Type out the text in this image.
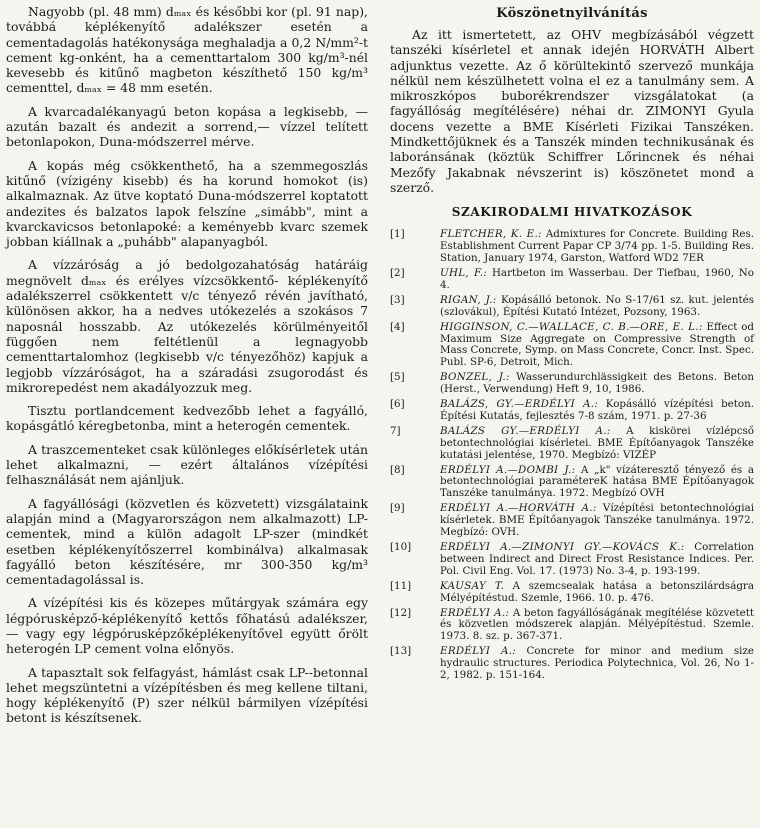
Nagyobb (pl. 48 mm) dₘₐₓ és későbbi kor (pl. 91 nap), továbbá képlékenyítő adalékszer esetén a cementadagolás hatékonysága meghaladja a 0,2 N/mm²-t cement kg-onként, ha a cementtartalom 300 kg/m³-nél kevesebb és kitűnő magbeton készíthető 150 kg/m³ cementtel, dₘₐₓ = 48 mm esetén.

A kvarcadalékanyagú beton kopása a legkisebb, — azután bazalt és andezit a sorrend,— vízzel telített betonlapokon, Duna-módszerrel mérve.

A kopás még csökkenthető, ha a szemmegoszlás kitűnő (vízigény kisebb) és ha korund homokot (is) alkalmaznak. Az ütve koptató Duna-módszerrel koptatott andezites és balzatos lapok felszíne „simább", mint a kvarckavicsos betonlapoké: a keményebb kvarc szemek jobban kiállnak a „puhább" alapanyagból.

A vízzáróság a jó bedolgozahatóság határáig megnövelt dₘₐₓ és erélyes vízcsökkentő- képlékenyítő adalékszerrel csökkentett v/c tényező révén javítható, különösen akkor, ha a nedves utókezelés a szokásos 7 naposnál hosszabb. Az utókezelés körülményeitől függően nem feltétlenül a legnagyobb cementtartalomhoz (legkisebb v/c tényezőhöz) kapjuk a legjobb vízzáróságot, ha a száradási zsugorodást és mikrorepedést nem akadályozzuk meg.

Tisztu portlandcement kedvezőbb lehet a fagyálló, kopásgátló kéregbetonba, mint a heterogén cementek.

A traszcementeket csak különleges előkísérletek után lehet alkalmazni, — ezért általános vízépítési felhasználását nem ajánljuk.

A fagyállósági (közvetlen és közvetett) vizsgálataink alapján mind a (Magyarországon nem alkalmazott) LP-cementek, mind a külön adagolt LP-szer (mindkét esetben képlékenyítőszerrel kombinálva) alkalmasak fagyálló beton készítésére, mr 300-350 kg/m³ cementadagolással is.

A vízépítési kis és közepes műtárgyak számára egy légpórusképző-képlékenyítő kettős főhatású adalékszer, — vagy egy légpórusképzőképlékenyítővel együtt őrölt heterogén LP cement volna előnyös.

A tapasztalt sok felfagyást, hámlást csak LP--betonnal lehet megszüntetni a vízépítésben és meg kellene tiltani, hogy képlékenyítő (P) szer nélkül bármilyen vízépítési betont is készítsenek.

Köszönetnyilvánítás

Az itt ismertetett, az OHV megbízásából végzett tanszéki kísérletel et annak idején HORVÁTH Albert adjunktus vezette. Az ő körültekintő szervező munkája nélkül nem készülhetett volna el ez a tanulmány sem. A mikroszkópos buborékrendszer vizsgálatokat (a fagyállóság megítélésére) néhai dr. ZIMONYI Gyula docens vezette a BME Kísérleti Fizikai Tanszéken. Mindkettőjüknek és a Tanszék minden technikusának és laboránsának (köztük Schiffrer Lőrincnek és néhai Mezőfy Jakabnak névszerint is) köszönetet mond a szerző.

SZAKIRODALMI HIVATKOZÁSOK
[1]	FLETCHER, K. E.: Admixtures for Concrete. Building Res. Establishment Current Papar CP 3/74 pp. 1-5. Building Res. Station, January 1974, Garston, Watford WD2 7ER
[2]	UHL, F.: Hartbeton im Wasserbau. Der Tiefbau, 1960, No 4.
[3]	RIGAN, J.: Kopásálló betonok. No S-17/61 sz. kut. jelentés (szlovákul), Építési Kutató Intézet, Pozsony, 1963.
[4]	HIGGINSON, C.—WALLACE, C. B.—ORE, E. L.: Effect od Maximum Size Aggregate on Compressive Strength of Mass Concrete, Symp. on Mass Concrete, Concr. Inst. Spec. Publ. SP-6, Detroit, Mich.
[5]	BONZEL, J.: Wasserundurchlässigkeit des Betons. Beton (Herst., Verwendung) Heft 9, 10, 1986.
[6]	BALÁZS, GY.—ERDÉLYI A.: Kopásálló vízépítési beton. Építési Kutatás, fejlesztés 7-8 szám, 1971. p. 27-36
7]	BALÁZS GY.—ERDÉLYI A.: A kiskörei vízlépcső betontechnológiai kísérletei. BME Építőanyagok Tanszéke kutatási jelentése, 1970. Megbízó: VIZÉP
[8]	ERDÉLYI A.—DOMBI J.: A „k" vízáteresztő tényező és a betontechnológiai paramétereK hatása BME Építőanyagok Tanszéke tanulmánya. 1972. Megbízó OVH
[9]	ERDÉLYI A.—HORVÁTH A.: Vízépítési betontechnológiai kísérletek. BME Építőanyagok Tanszéke tanulmánya. 1972. Megbízó: OVH.
[10]	ERDÉLYI A.—ZIMONYI GY.—KOVÁCS K.: Correlation between Indirect and Direct Frost Resistance Indices. Per. Pol. Civil Eng. Vol. 17. (1973) No. 3-4, p. 193-199.
[11]	KAUSAY T. A szemcsealak hatása a betonszilárdságra Mélyépítéstud. Szemle, 1966. 10. p. 476.
[12]	ERDÉLYI A.: A beton fagyállóságának megítélése közvetett és közvetlen módszerek alapján. Mélyépítéstud. Szemle. 1973. 8. sz. p. 367-371.
[13]	ERDÉLYI A.: Concrete for minor and medium size hydraulic structures. Periodica Polytechnica, Vol. 26, No 1-2, 1982. p. 151-164.
